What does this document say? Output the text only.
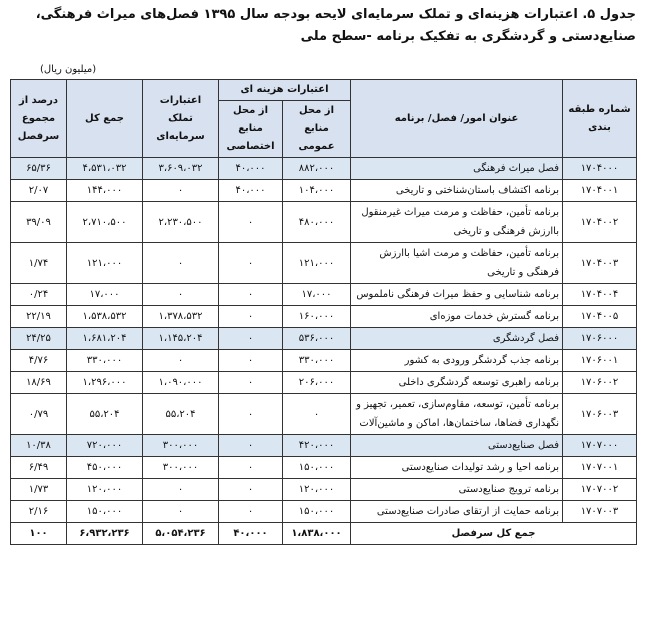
جدول ۵. اعتبارات هزینه‌ای و تملک سرمایه‌ای لایحه بودجه سال ۱۳۹۵ فصل‌های میراث فرهنگی،
صنایع‌دستی و گردشگری به تفکیک برنامه -سطح ملی
(میلیون ریال)
شماره طبقه بندی	عنوان امور/ فصل/ برنامه	اعتبارات هزینه ای		اعتبارات تملک سرمایه‌ای	جمع کل	درصد از مجموع سرفصل
		از محل منابع عمومی	از محل منابع اختصاصی			
۱۷۰۴۰۰۰	فصل میراث فرهنگی	۸۸۲،۰۰۰	۴۰،۰۰۰	۳،۶۰۹،۰۳۲	۴،۵۳۱،۰۳۲	۶۵/۳۶
۱۷۰۴۰۰۱	برنامه اکتشاف باستان‌شناختی و تاریخی	۱۰۴،۰۰۰	۴۰،۰۰۰	۰	۱۴۴،۰۰۰	۲/۰۷
۱۷۰۴۰۰۲	برنامه تأمین، حفاظت و مرمت میراث غیرمنقول باارزش فرهنگی و تاریخی	۴۸۰،۰۰۰	۰	۲،۲۳۰،۵۰۰	۲،۷۱۰،۵۰۰	۳۹/۰۹
۱۷۰۴۰۰۳	برنامه تأمین، حفاظت و مرمت اشیا باارزش فرهنگی و تاریخی	۱۲۱،۰۰۰	۰	۰	۱۲۱،۰۰۰	۱/۷۴
۱۷۰۴۰۰۴	برنامه شناسایی و حفظ میراث فرهنگی ناملموس	۱۷،۰۰۰	۰	۰	۱۷،۰۰۰	۰/۲۴
۱۷۰۴۰۰۵	برنامه گسترش خدمات موزه‌ای	۱۶۰،۰۰۰	۰	۱،۳۷۸،۵۳۲	۱،۵۳۸،۵۳۲	۲۲/۱۹
۱۷۰۶۰۰۰	فصل گردشگری	۵۳۶،۰۰۰	۰	۱،۱۴۵،۲۰۴	۱،۶۸۱،۲۰۴	۲۴/۲۵
۱۷۰۶۰۰۱	برنامه جذب گردشگر ورودی به کشور	۳۳۰،۰۰۰	۰	۰	۳۳۰،۰۰۰	۴/۷۶
۱۷۰۶۰۰۲	برنامه راهبری توسعه گردشگری داخلی	۲۰۶،۰۰۰	۰	۱،۰۹۰،۰۰۰	۱،۲۹۶،۰۰۰	۱۸/۶۹
۱۷۰۶۰۰۳	برنامه تأمین، توسعه، مقاوم‌سازی، تعمیر، تجهیز و نگهداری فضاها، ساختمان‌ها، اماکن و ماشین‌آلات	۰	۰	۵۵،۲۰۴	۵۵،۲۰۴	۰/۷۹
۱۷۰۷۰۰۰	فصل صنایع‌دستی	۴۲۰،۰۰۰	۰	۳۰۰،۰۰۰	۷۲۰،۰۰۰	۱۰/۳۸
۱۷۰۷۰۰۱	برنامه احیا و رشد تولیدات صنایع‌دستی	۱۵۰،۰۰۰	۰	۳۰۰،۰۰۰	۴۵۰،۰۰۰	۶/۴۹
۱۷۰۷۰۰۲	برنامه ترویج صنایع‌دستی	۱۲۰،۰۰۰	۰	۰	۱۲۰،۰۰۰	۱/۷۳
۱۷۰۷۰۰۳	برنامه حمایت از ارتقای صادرات صنایع‌دستی	۱۵۰،۰۰۰	۰	۰	۱۵۰،۰۰۰	۲/۱۶
جمع کل سرفصل		۱،۸۳۸،۰۰۰	۴۰،۰۰۰	۵،۰۵۴،۲۳۶	۶،۹۳۲،۲۳۶	۱۰۰
